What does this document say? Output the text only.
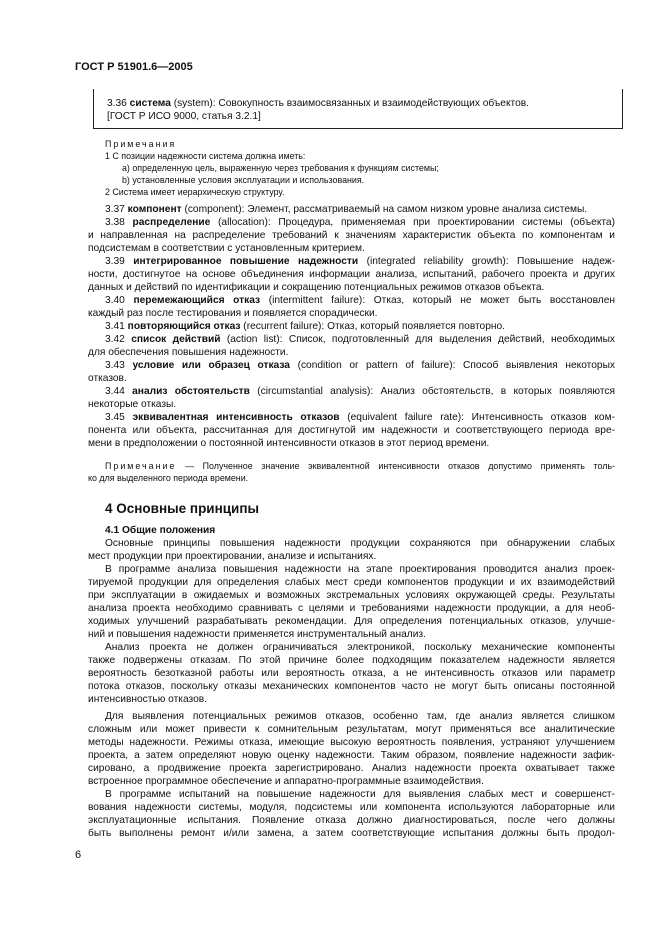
ГОСТ Р 51901.6—2005
3.36 система (system): Совокупность взаимосвязанных и взаимодействующих объектов.
[ГОСТ Р ИСО 9000, статья 3.2.1]
Примечания
1 С позиции надежности система должна иметь:
а) определенную цель, выраженную через требования к функциям системы;
b) установленные условия эксплуатации и использования.
2 Система имеет иерархическую структуру.
3.37 компонент (component): Элемент, рассматриваемый на самом низком уровне анализа системы.
3.38 распределение (allocation): Процедура, применяемая при проектировании системы (объекта)
и направленная на распределение требований к значениям характеристик объекта по компонентам и
подсистемам в соответствии с установленным критерием.
3.39 интегрированное повышение надежности (integrated reliability growth): Повышение надеж-
ности, достигнутое на основе объединения информации анализа, испытаний, рабочего проекта и других
данных и действий по идентификации и сокращению потенциальных режимов отказов объекта.
3.40 перемежающийся отказ (intermittent failure): Отказ, который не может быть восстановлен
каждый раз после тестирования и появляется спорадически.
3.41 повторяющийся отказ (recurrent failure): Отказ, который появляется повторно.
3.42 список действий (action list): Список, подготовленный для выделения действий, необходимых
для обеспечения повышения надежности.
3.43 условие или образец отказа (condition or pattern of failure): Способ выявления некоторых
отказов.
3.44 анализ обстоятельств (circumstantial analysis): Анализ обстоятельств, в которых появляются
некоторые отказы.
3.45 эквивалентная интенсивность отказов (equivalent failure rate): Интенсивность отказов ком-
понента или объекта, рассчитанная для достигнутой им надежности и соответствующего периода вре-
мени в предположении о постоянной интенсивности отказов в этот период времени.
Примечание — Полученное значение эквивалентной интенсивности отказов допустимо применять толь-
ко для выделенного периода времени.
4 Основные принципы
4.1 Общие положения
Основные принципы повышения надежности продукции сохраняются при обнаружении слабых
мест продукции при проектировании, анализе и испытаниях.
В программе анализа повышения надежности на этапе проектирования проводится анализ проек-
тируемой продукции для определения слабых мест среди компонентов продукции и их взаимодействий
при эксплуатации в ожидаемых и возможных экстремальных условиях окружающей среды. Результаты
анализа проекта необходимо сравнивать с целями и требованиями надежности продукции, а для необ-
ходимых улучшений разрабатывать рекомендации. Для определения потенциальных отказов, улучше-
ний и повышения надежности применяется инструментальный анализ.
Анализ проекта не должен ограничиваться электроникой, поскольку механические компоненты
также подвержены отказам. По этой причине более подходящим показателем надежности является
вероятность безотказной работы или вероятность отказа, а не интенсивность отказов или параметр
потока отказов, поскольку отказы механических компонентов часто не могут быть описаны постоянной
интенсивностью отказов.
Для выявления потенциальных режимов отказов, особенно там, где анализ является слишком
сложным или может привести к сомнительным результатам, могут применяться все аналитические
методы надежности. Режимы отказа, имеющие высокую вероятность появления, устраняют улучшением
проекта, а затем определяют новую оценку надежности. Таким образом, появление надежности зафик-
сировано, а продвижение проекта зарегистрировано. Анализ надежности проекта охватывает также
встроенное программное обеспечение и аппаратно-программные взаимодействия.
В программе испытаний на повышение надежности для выявления слабых мест и совершенст-
вования надежности системы, модуля, подсистемы или компонента используются лабораторные или
эксплуатационные испытания. Появление отказа должно диагностироваться, после чего должны
быть выполнены ремонт и/или замена, а затем соответствующие испытания должны быть продол-
6
